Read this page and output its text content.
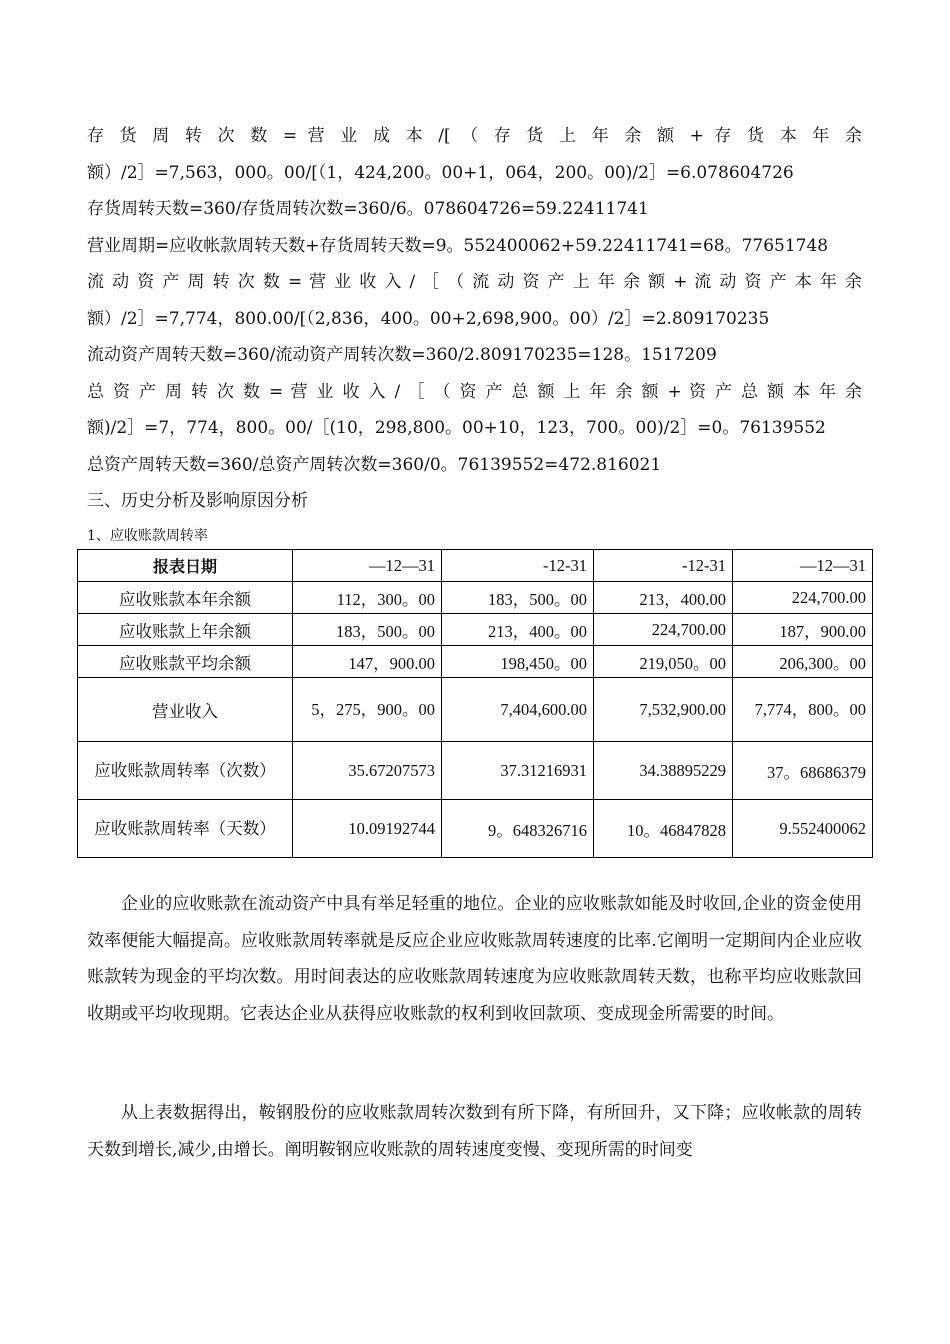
存 货 周 转 次 数 = 营 业 成 本 /[ （ 存 货 上 年 余 额 + 存 货 本 年 余
额）/2］=7,563，000。00/[（1，424,200。00+1，064，200。00)/2］=6.078604726
存货周转天数=360/存货周转次数=360/6。078604726=59.22411741
营业周期=应收帐款周转天数+存货周转天数=9。552400062+59.22411741=68。77651748
流 动 资 产 周 转 次 数 = 营 业 收 入 / ［ （ 流 动 资 产 上 年 余 额 + 流 动 资 产 本 年 余
额）/2］=7,774，800.00/[（2,836，400。00+2,698,900。00）/2］=2.809170235
流动资产周转天数=360/流动资产周转次数=360/2.809170235=128。1517209
总 资 产 周 转 次 数 = 营 业 收 入 / ［ （ 资 产 总 额 上 年 余 额 + 资 产 总 额 本 年 余
额)/2］=7，774，800。00/［(10，298,800。00+10，123，700。00)/2］=0。76139552
总资产周转天数=360/总资产周转次数=360/0。76139552=472.816021
三、历史分析及影响原因分析
1、应收账款周转率
报表日期	—12—31	-12-31	-12-31	—12—31
应收账款本年余额	112，300。00	183，500。00	213，400.00	224,700.00
应收账款上年余额	183，500。00	213，400。00	224,700.00	187，900.00
应收账款平均余额	147，900.00	198,450。00	219,050。00	206,300。00
营业收入	5，275，900。00	7,404,600.00	7,532,900.00	7,774，800。00
应收账款周转率（次数）	35.67207573	37.31216931	34.38895229	37。68686379
应收账款周转率（天数）	10.09192744	9。648326716	10。46847828	9.552400062
企业的应收账款在流动资产中具有举足轻重的地位。企业的应收账款如能及时收回,企业的资金使用效率便能大幅提高。应收账款周转率就是反应企业应收账款周转速度的比率.它阐明一定期间内企业应收账款转为现金的平均次数。用时间表达的应收账款周转速度为应收账款周转天数，也称平均应收账款回收期或平均收现期。它表达企业从获得应收账款的权利到收回款项、变成现金所需要的时间。
从上表数据得出，鞍钢股份的应收账款周转次数到有所下降，有所回升，又下降；应收帐款的周转天数到增长,减少,由增长。阐明鞍钢应收账款的周转速度变慢、变现所需的时间变
